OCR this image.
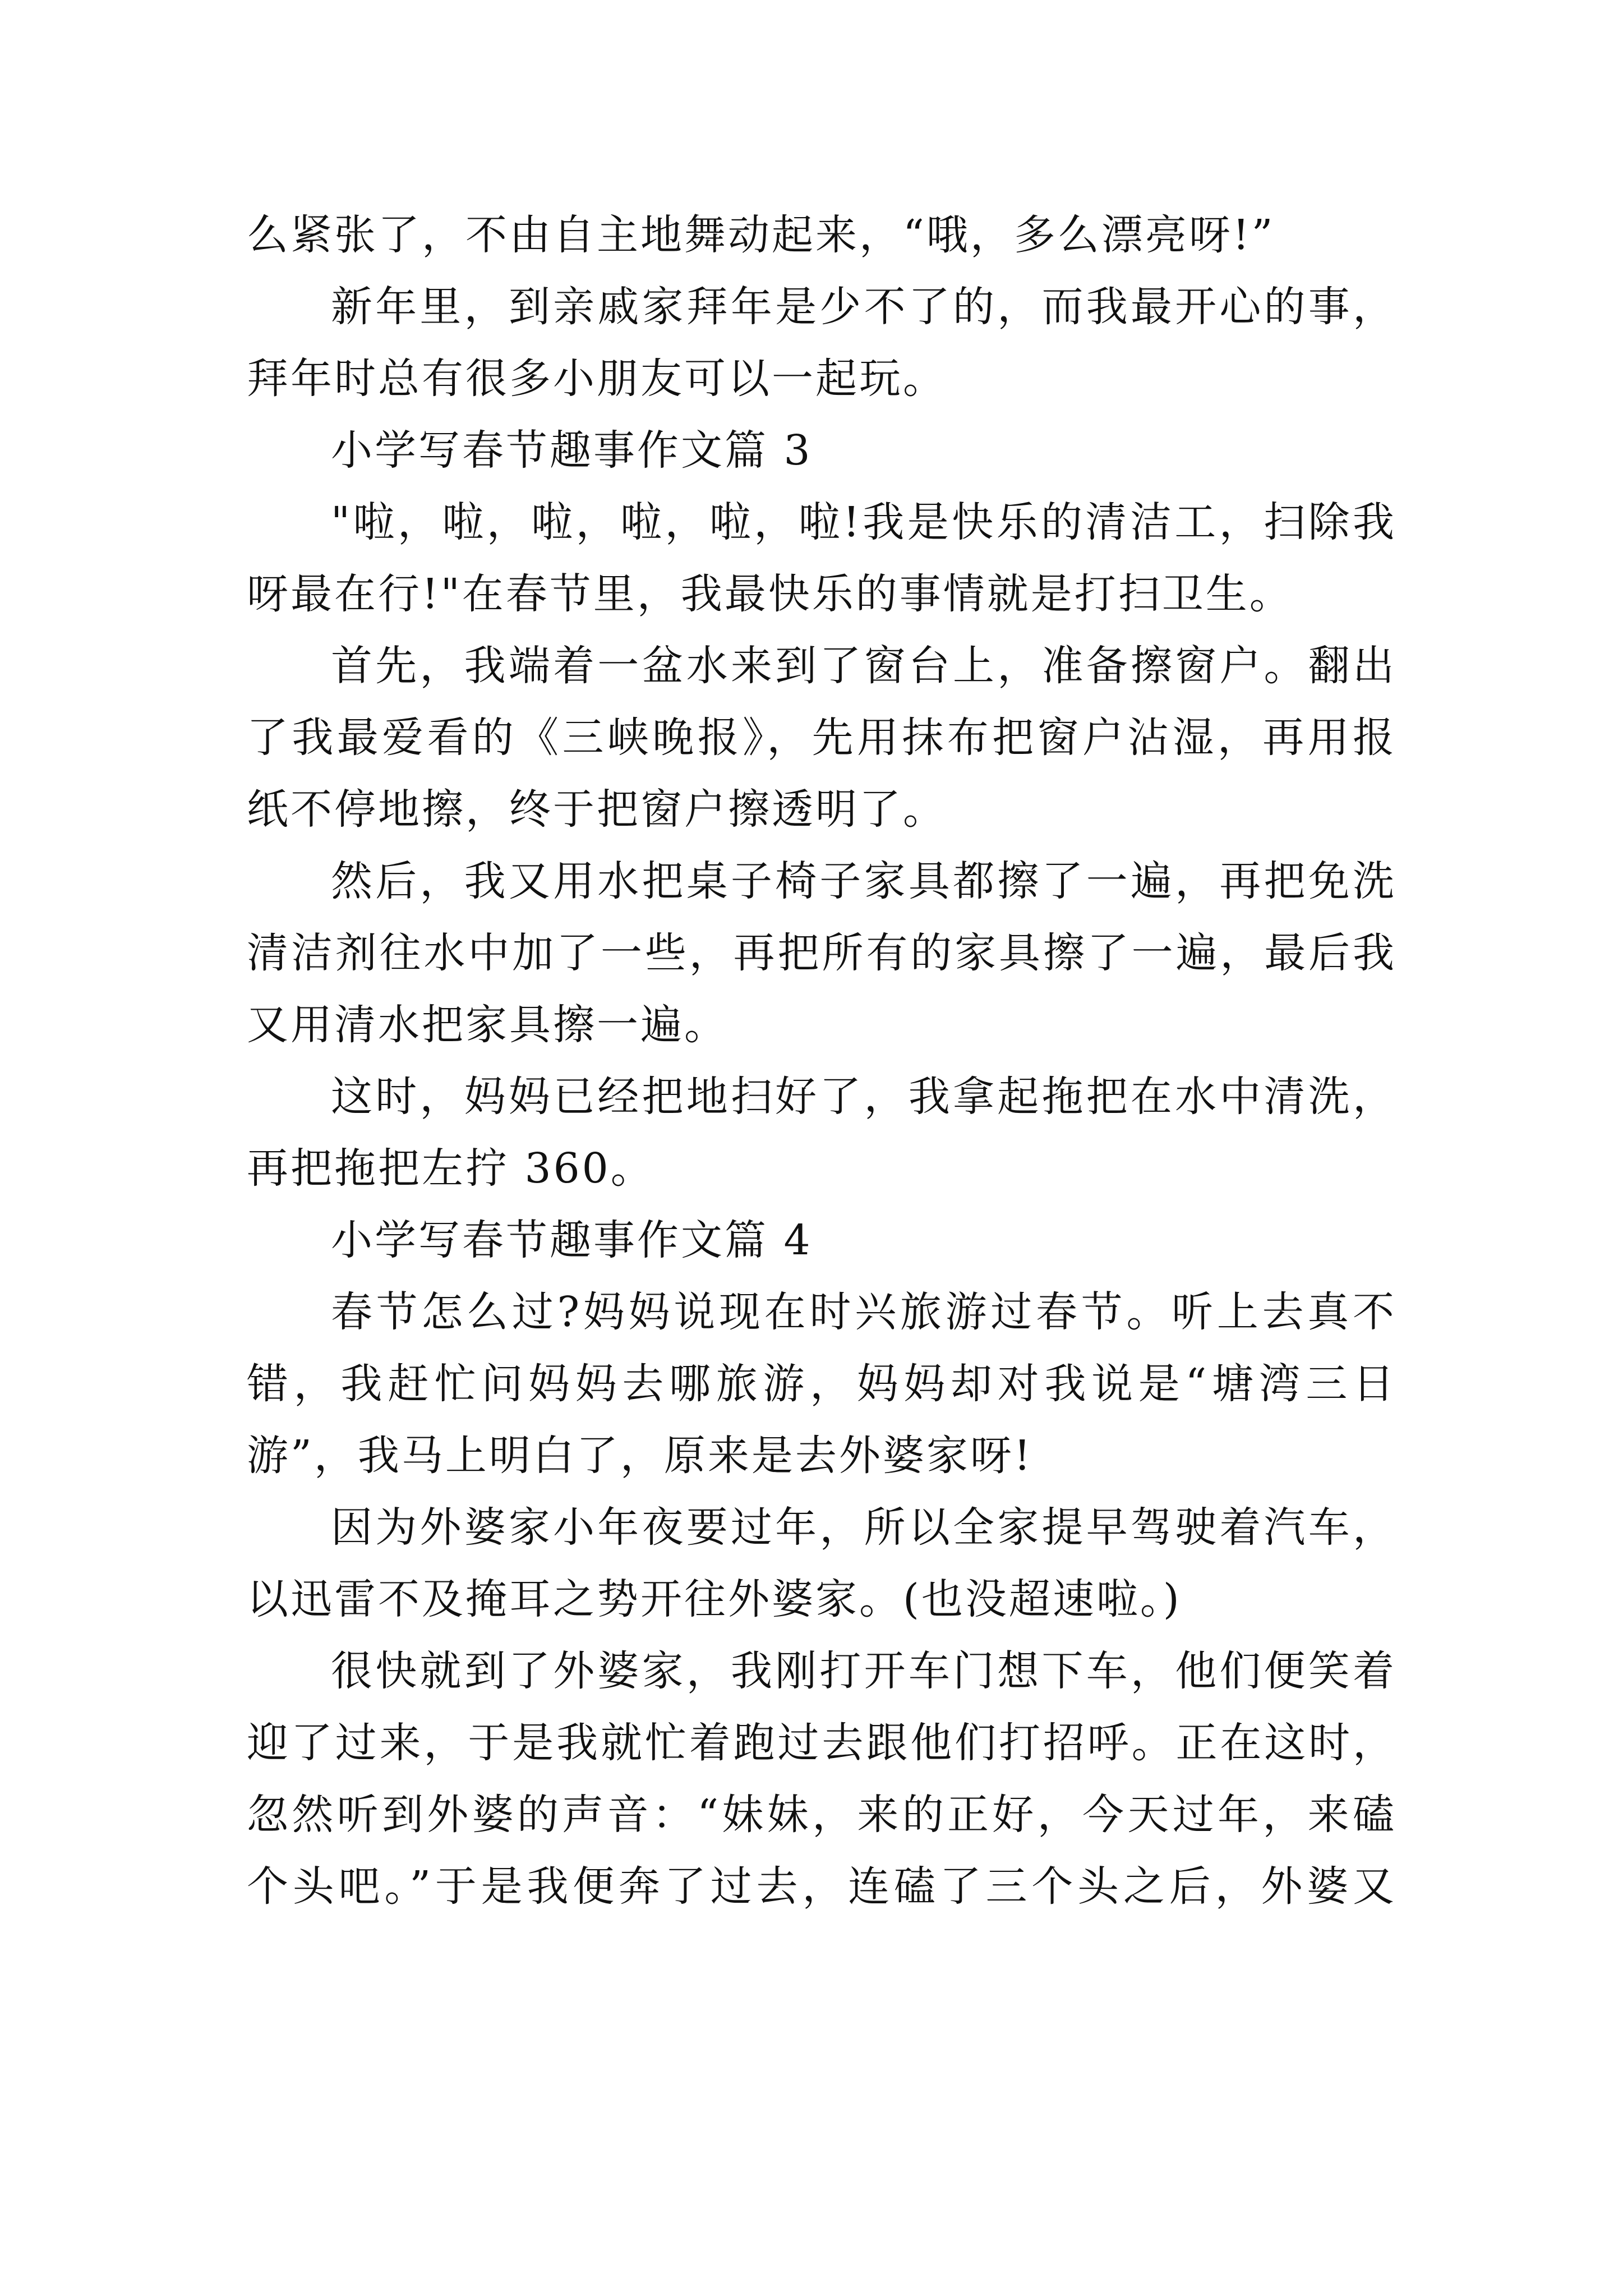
么紧张了，不由自主地舞动起来，“哦，多么漂亮呀!”
新年里，到亲戚家拜年是少不了的，而我最开心的事，
拜年时总有很多小朋友可以一起玩。
小学写春节趣事作文篇 3
"啦，啦，啦，啦，啦，啦!我是快乐的清洁工，扫除我
呀最在行!"在春节里，我最快乐的事情就是打扫卫生。
首先，我端着一盆水来到了窗台上，准备擦窗户。翻出
了我最爱看的《三峡晚报》，先用抹布把窗户沾湿，再用报
纸不停地擦，终于把窗户擦透明了。
然后，我又用水把桌子椅子家具都擦了一遍，再把免洗
清洁剂往水中加了一些，再把所有的家具擦了一遍，最后我
又用清水把家具擦一遍。
这时，妈妈已经把地扫好了，我拿起拖把在水中清洗，
再把拖把左拧 360。
小学写春节趣事作文篇 4
春节怎么过?妈妈说现在时兴旅游过春节。听上去真不
错，我赶忙问妈妈去哪旅游，妈妈却对我说是“塘湾三日
游”，我马上明白了，原来是去外婆家呀!
因为外婆家小年夜要过年，所以全家提早驾驶着汽车，
以迅雷不及掩耳之势开往外婆家。(也没超速啦。)
很快就到了外婆家，我刚打开车门想下车，他们便笑着
迎了过来，于是我就忙着跑过去跟他们打招呼。正在这时，
忽然听到外婆的声音：“妹妹，来的正好，今天过年，来磕
个头吧。”于是我便奔了过去，连磕了三个头之后，外婆又
